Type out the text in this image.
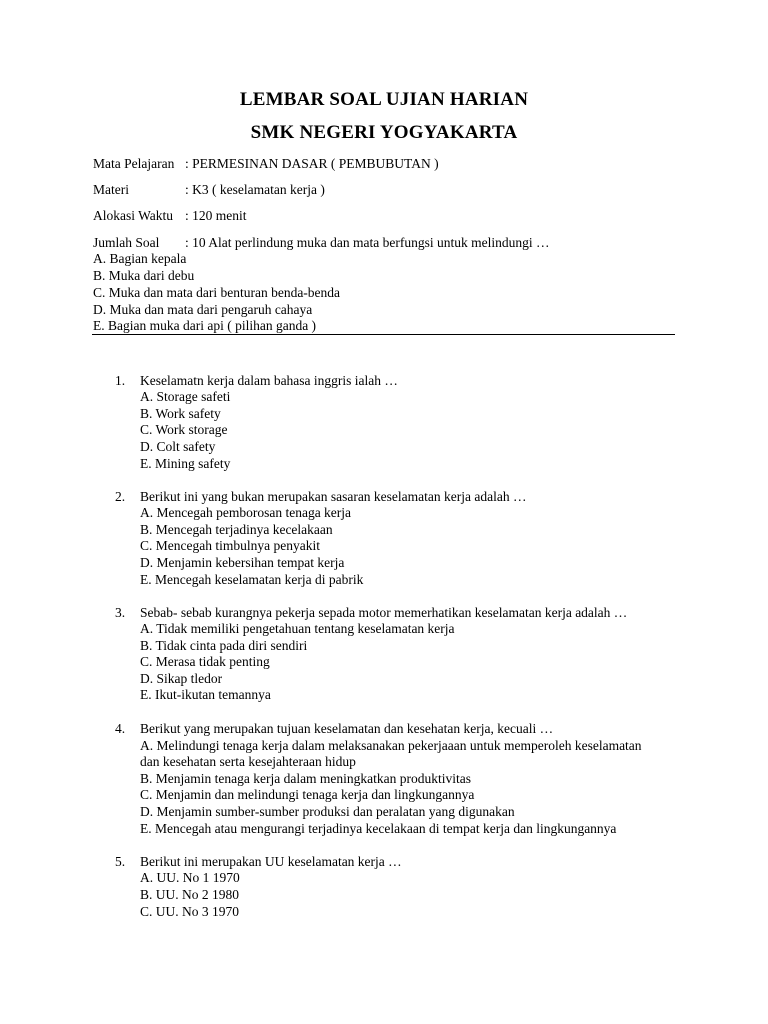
LEMBAR SOAL UJIAN HARIAN
SMK NEGERI YOGYAKARTA
Mata Pelajaran : PERMESINAN DASAR ( PEMBUBUTAN )
Materi	: K3 ( keselamatan kerja )
Alokasi Waktu : 120 menit
Jumlah Soal : 10 Alat perlindung muka dan mata berfungsi untuk melindungi …
A. Bagian kepala
B. Muka dari debu
C. Muka dan mata dari benturan benda-benda
D. Muka dan mata dari pengaruh cahaya
E. Bagian muka dari api ( pilihan ganda )
1. Keselamatn kerja dalam bahasa inggris ialah …
A. Storage safeti
B. Work safety
C. Work storage
D. Colt safety
E. Mining safety
2. Berikut ini yang bukan merupakan sasaran keselamatan kerja adalah …
A. Mencegah pemborosan tenaga kerja
B. Mencegah terjadinya kecelakaan
C. Mencegah timbulnya penyakit
D. Menjamin kebersihan tempat kerja
E. Mencegah keselamatan kerja di pabrik
3. Sebab- sebab kurangnya pekerja sepada motor memerhatikan keselamatan kerja adalah …
A. Tidak memiliki pengetahuan tentang keselamatan kerja
B. Tidak cinta pada diri sendiri
C. Merasa tidak penting
D. Sikap tledor
E. Ikut-ikutan temannya
4. Berikut yang merupakan tujuan keselamatan dan kesehatan kerja, kecuali …
A. Melindungi tenaga kerja dalam melaksanakan pekerjaaan untuk memperoleh keselamatan
dan kesehatan serta kesejahteraan hidup
B. Menjamin tenaga kerja dalam meningkatkan produktivitas
C. Menjamin dan melindungi tenaga kerja dan lingkungannya
D. Menjamin sumber-sumber produksi dan peralatan yang digunakan
E. Mencegah atau mengurangi terjadinya kecelakaan di tempat kerja dan lingkungannya
5. Berikut ini merupakan UU keselamatan kerja …
A. UU. No 1 1970
B. UU. No 2 1980
C. UU. No 3 1970
